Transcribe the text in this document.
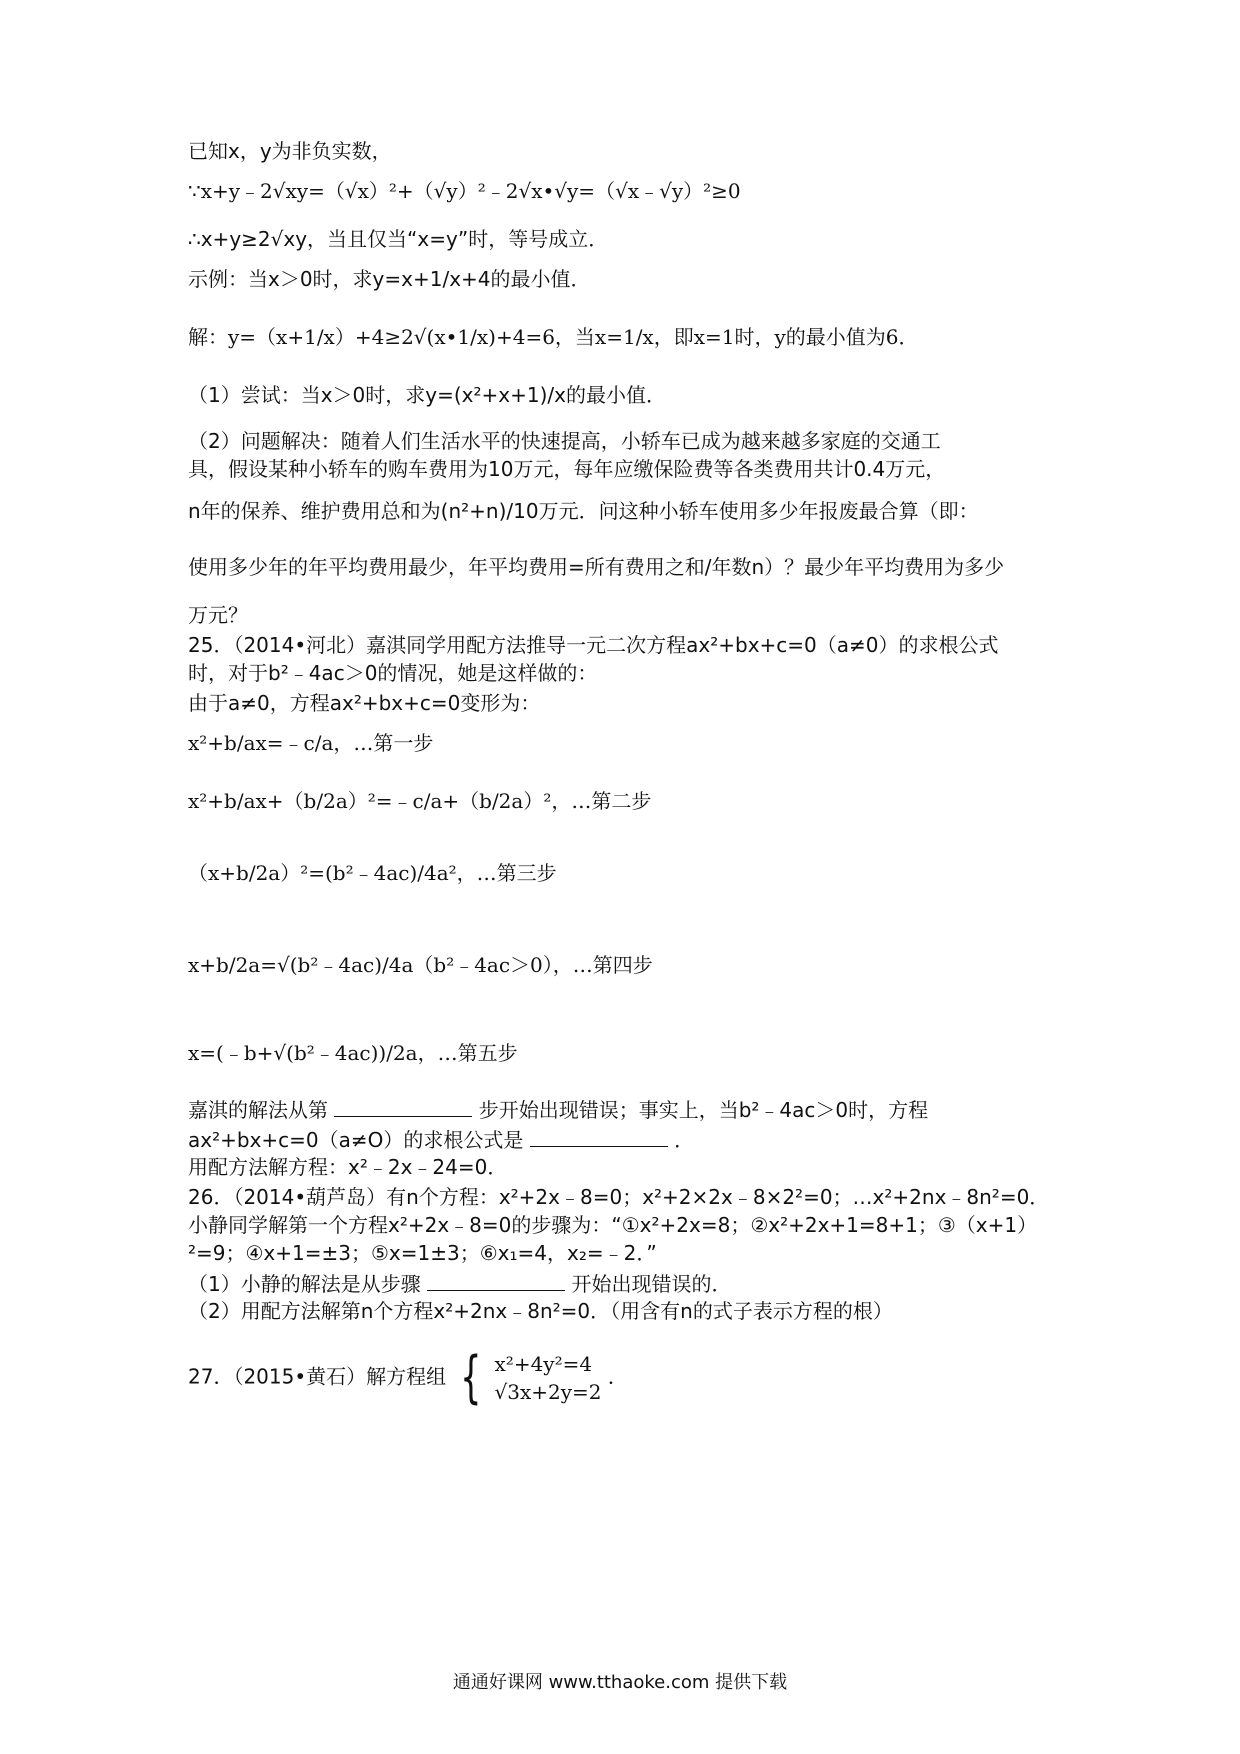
已知x，y为非负实数，
∵x+y﹣2√xy=（√x）²+（√y）²﹣2√x•√y=（√x﹣√y）²≥0
∴x+y≥2√xy，当且仅当“x=y”时，等号成立．
示例：当x＞0时，求y=x+1/x+4的最小值．
解：y=（x+1/x）+4≥2√(x•1/x)+4=6，当x=1/x，即x=1时，y的最小值为6．
（1）尝试：当x＞0时，求y=(x²+x+1)/x的最小值．
（2）问题解决：随着人们生活水平的快速提高，小轿车已成为越来越多家庭的交通工
具，假设某种小轿车的购车费用为10万元，每年应缴保险费等各类费用共计0.4万元，
n年的保养、维护费用总和为(n²+n)/10万元．问这种小轿车使用多少年报废最合算（即：
使用多少年的年平均费用最少，年平均费用=所有费用之和/年数n）？最少年平均费用为多少
万元？
25．（2014•河北）嘉淇同学用配方法推导一元二次方程ax²+bx+c=0（a≠0）的求根公式
时，对于b²﹣4ac＞0的情况，她是这样做的：
由于a≠0，方程ax²+bx+c=0变形为：
x²+b/ax=﹣c/a，…第一步
x²+b/ax+（b/2a）²=﹣c/a+（b/2a）²，…第二步
（x+b/2a）²=(b²﹣4ac)/4a²，…第三步
x+b/2a=√(b²﹣4ac)/4a（b²﹣4ac＞0），…第四步
x=(﹣b+√(b²﹣4ac))/2a，…第五步
嘉淇的解法从第	步开始出现错误；事实上，当b²﹣4ac＞0时，方程
ax²+bx+c=0（a≠O）的求根公式是	．
用配方法解方程：x²﹣2x﹣24=0．
26．（2014•葫芦岛）有n个方程：x²+2x﹣8=0；x²+2×2x﹣8×2²=0；…x²+2nx﹣8n²=0．
小静同学解第一个方程x²+2x﹣8=0的步骤为：“①x²+2x=8；②x²+2x+1=8+1；③（x+1）
²=9；④x+1=±3；⑤x=1±3；⑥x₁=4，x₂=﹣2．”
（1）小静的解法是从步骤	开始出现错误的．
（2）用配方法解第n个方程x²+2nx﹣8n²=0．（用含有n的式子表示方程的根）
27．（2015•黄石）解方程组 { x²+4y²=4
√3x+2y=2
．
通通好课网 www.tthaoke.com 提供下载
